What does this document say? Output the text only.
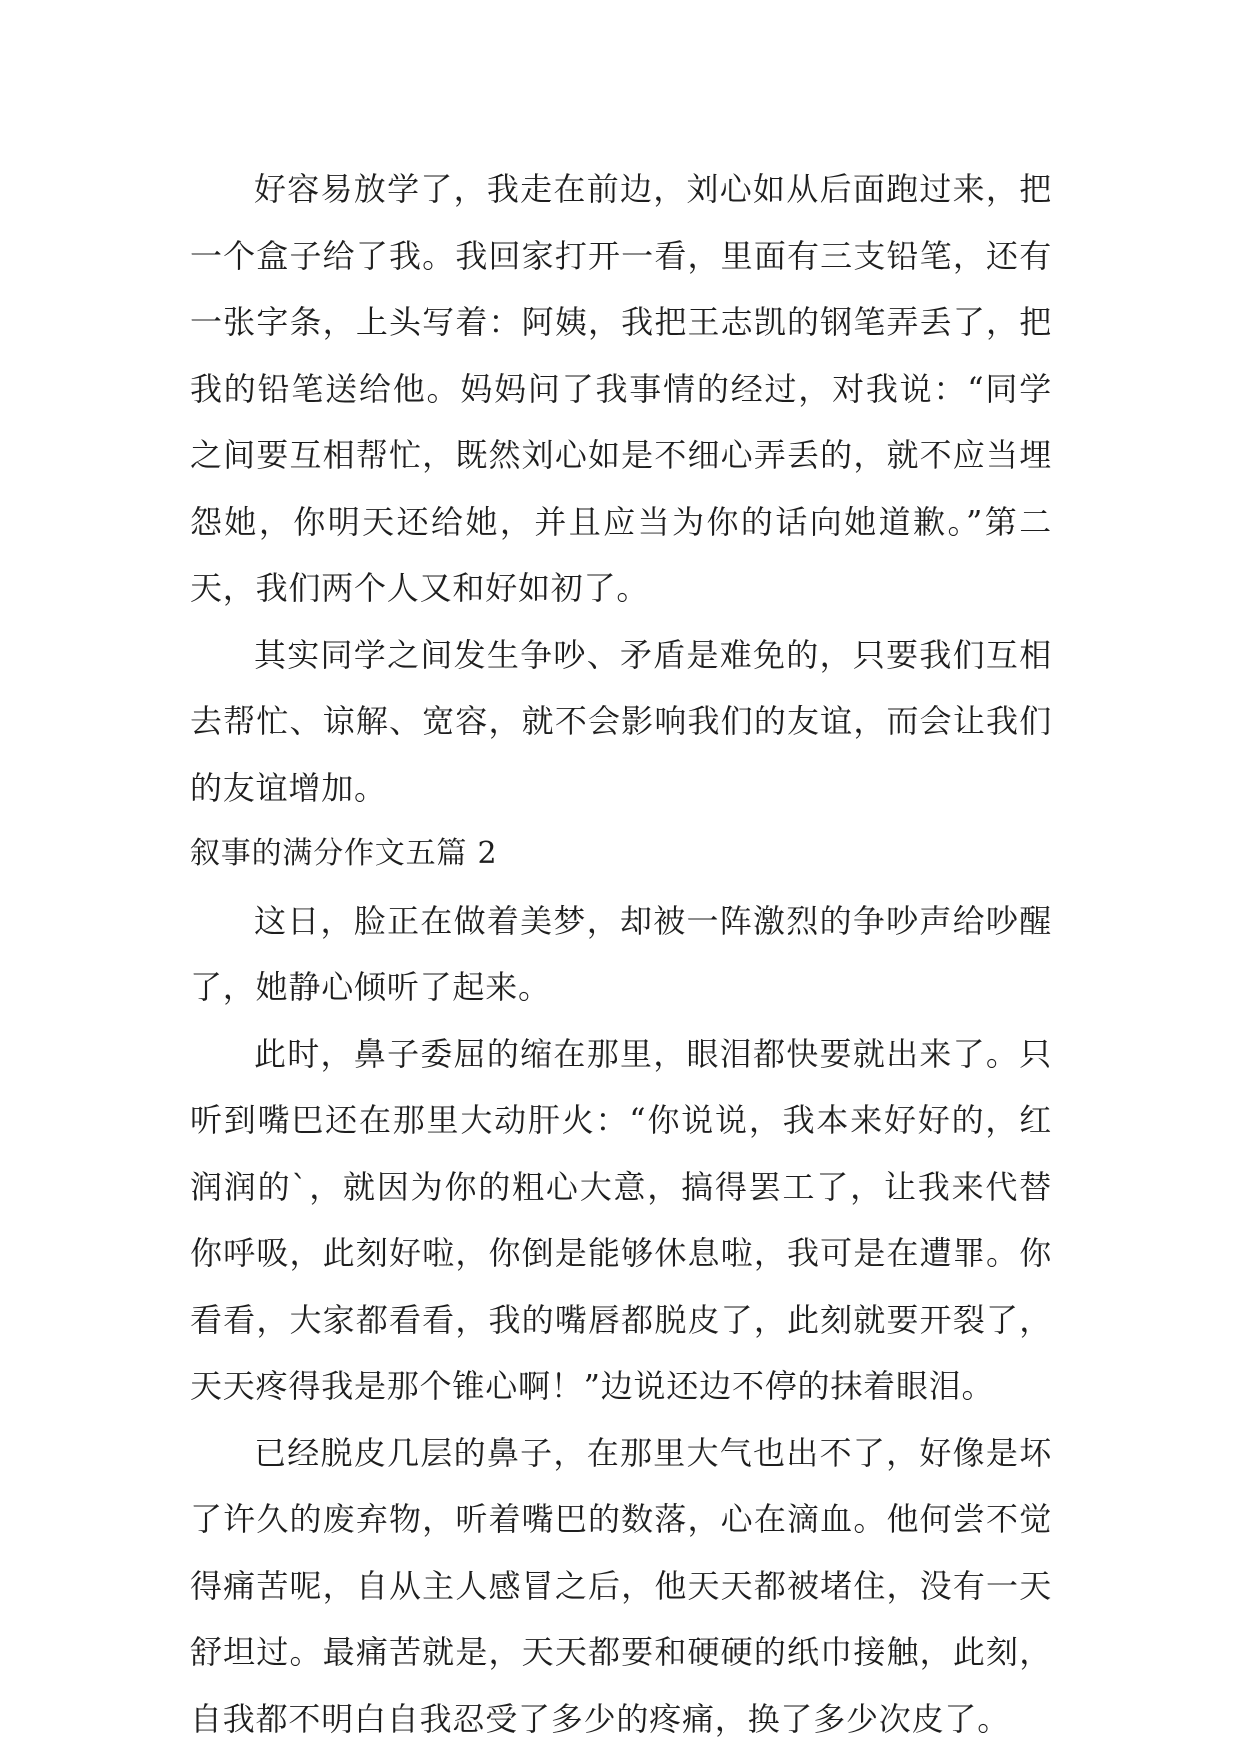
好容易放学了，我走在前边，刘心如从后面跑过来，把一个盒子给了我。我回家打开一看，里面有三支铅笔，还有一张字条，上头写着：阿姨，我把王志凯的钢笔弄丢了，把我的铅笔送给他。妈妈问了我事情的经过，对我说：“同学之间要互相帮忙，既然刘心如是不细心弄丢的，就不应当埋怨她，你明天还给她，并且应当为你的话向她道歉。”第二天，我们两个人又和好如初了。

其实同学之间发生争吵、矛盾是难免的，只要我们互相去帮忙、谅解、宽容，就不会影响我们的友谊，而会让我们的友谊增加。

叙事的满分作文五篇 2

这日，脸正在做着美梦，却被一阵激烈的争吵声给吵醒了，她静心倾听了起来。

此时，鼻子委屈的缩在那里，眼泪都快要就出来了。只听到嘴巴还在那里大动肝火：“你说说，我本来好好的，红润润的`，就因为你的粗心大意，搞得罢工了，让我来代替你呼吸，此刻好啦，你倒是能够休息啦，我可是在遭罪。你看看，大家都看看，我的嘴唇都脱皮了，此刻就要开裂了，天天疼得我是那个锥心啊！”边说还边不停的抹着眼泪。

已经脱皮几层的鼻子，在那里大气也出不了，好像是坏了许久的废弃物，听着嘴巴的数落，心在滴血。他何尝不觉得痛苦呢，自从主人感冒之后，他天天都被堵住，没有一天舒坦过。最痛苦就是，天天都要和硬硬的纸巾接触，此刻，自我都不明白自我忍受了多少的疼痛，换了多少次皮了。
